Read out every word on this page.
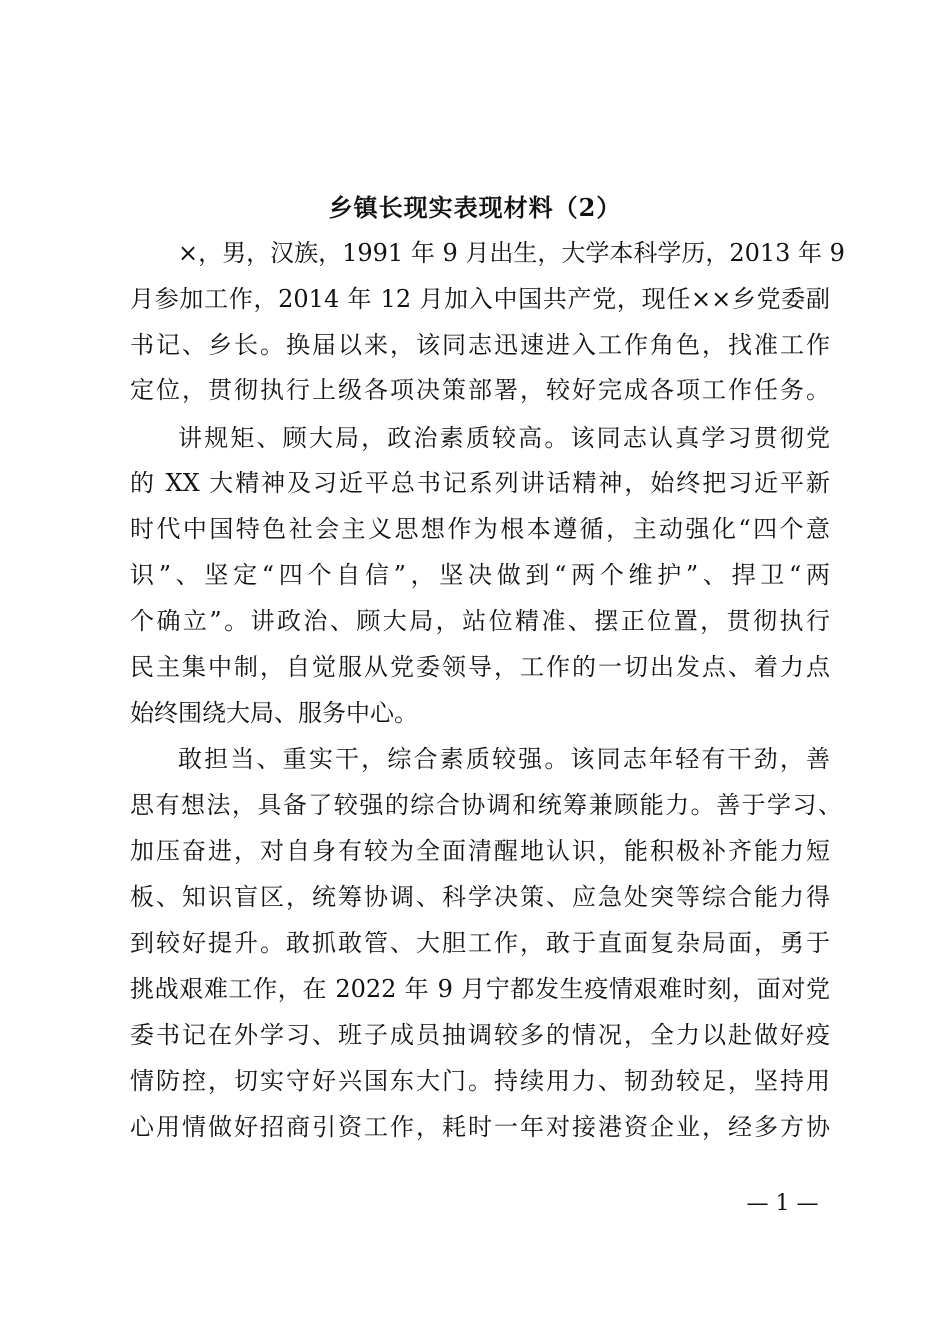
乡镇长现实表现材料（2）
×，男，汉族，1991 年 9 月出生，大学本科学历，2013 年 9
月参加工作，2014 年 12 月加入中国共产党，现任××乡党委副
书记、乡长。换届以来，该同志迅速进入工作角色，找准工作
定位，贯彻执行上级各项决策部署，较好完成各项工作任务。
讲规矩、顾大局，政治素质较高。该同志认真学习贯彻党
的 XX 大精神及习近平总书记系列讲话精神，始终把习近平新
时代中国特色社会主义思想作为根本遵循，主动强化“四个意
识”、坚定“四个自信”，坚决做到“两个维护”、捍卫“两
个确立”。讲政治、顾大局，站位精准、摆正位置，贯彻执行
民主集中制，自觉服从党委领导，工作的一切出发点、着力点
始终围绕大局、服务中心。
敢担当、重实干，综合素质较强。该同志年轻有干劲，善
思有想法，具备了较强的综合协调和统筹兼顾能力。善于学习、
加压奋进，对自身有较为全面清醒地认识，能积极补齐能力短
板、知识盲区，统筹协调、科学决策、应急处突等综合能力得
到较好提升。敢抓敢管、大胆工作，敢于直面复杂局面，勇于
挑战艰难工作，在 2022 年 9 月宁都发生疫情艰难时刻，面对党
委书记在外学习、班子成员抽调较多的情况，全力以赴做好疫
情防控，切实守好兴国东大门。持续用力、韧劲较足，坚持用
心用情做好招商引资工作，耗时一年对接港资企业，经多方协
— 1 —
